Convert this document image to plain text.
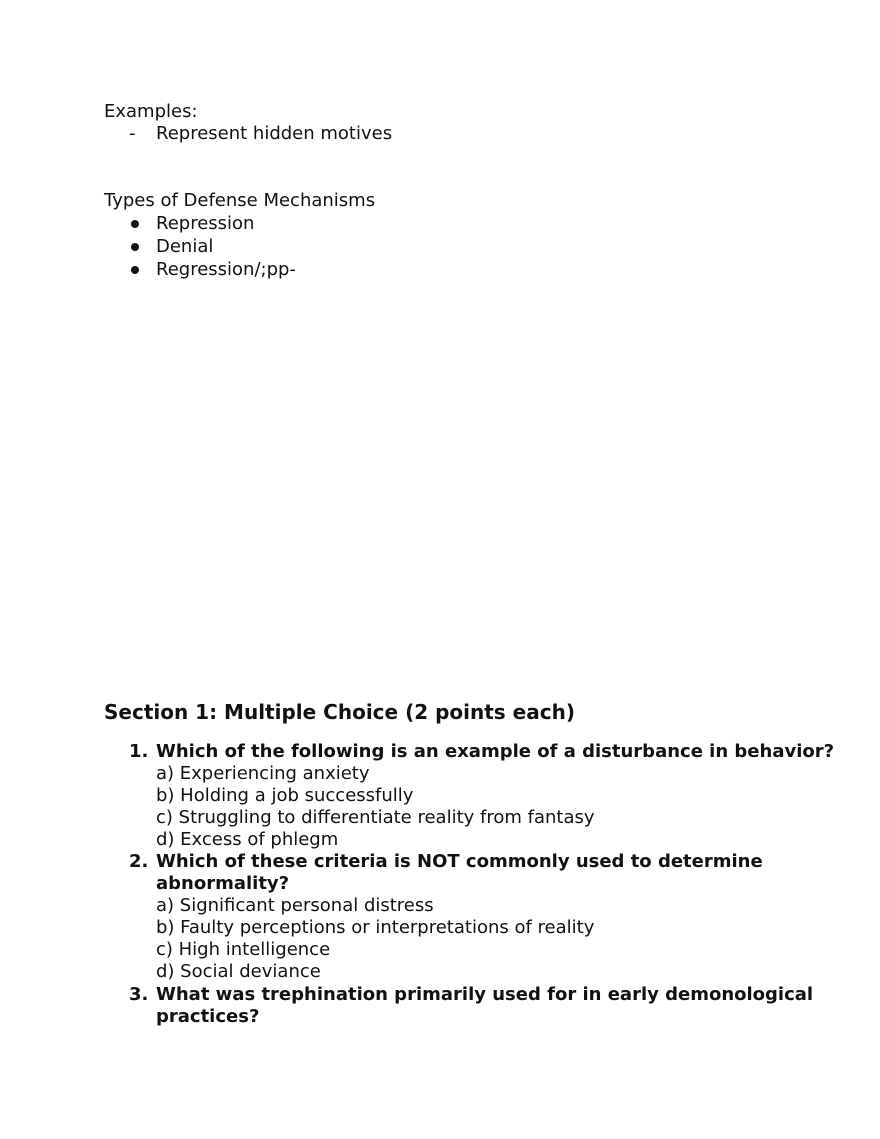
Examples:
- Represent hidden motives
Types of Defense Mechanisms
Repression
Denial
Regression/;pp-
Section 1: Multiple Choice (2 points each)
1. Which of the following is an example of a disturbance in behavior?
a) Experiencing anxiety
b) Holding a job successfully
c) Struggling to differentiate reality from fantasy
d) Excess of phlegm
2. Which of these criteria is NOT commonly used to determine
abnormality?
a) Significant personal distress
b) Faulty perceptions or interpretations of reality
c) High intelligence
d) Social deviance
3. What was trephination primarily used for in early demonological
practices?
